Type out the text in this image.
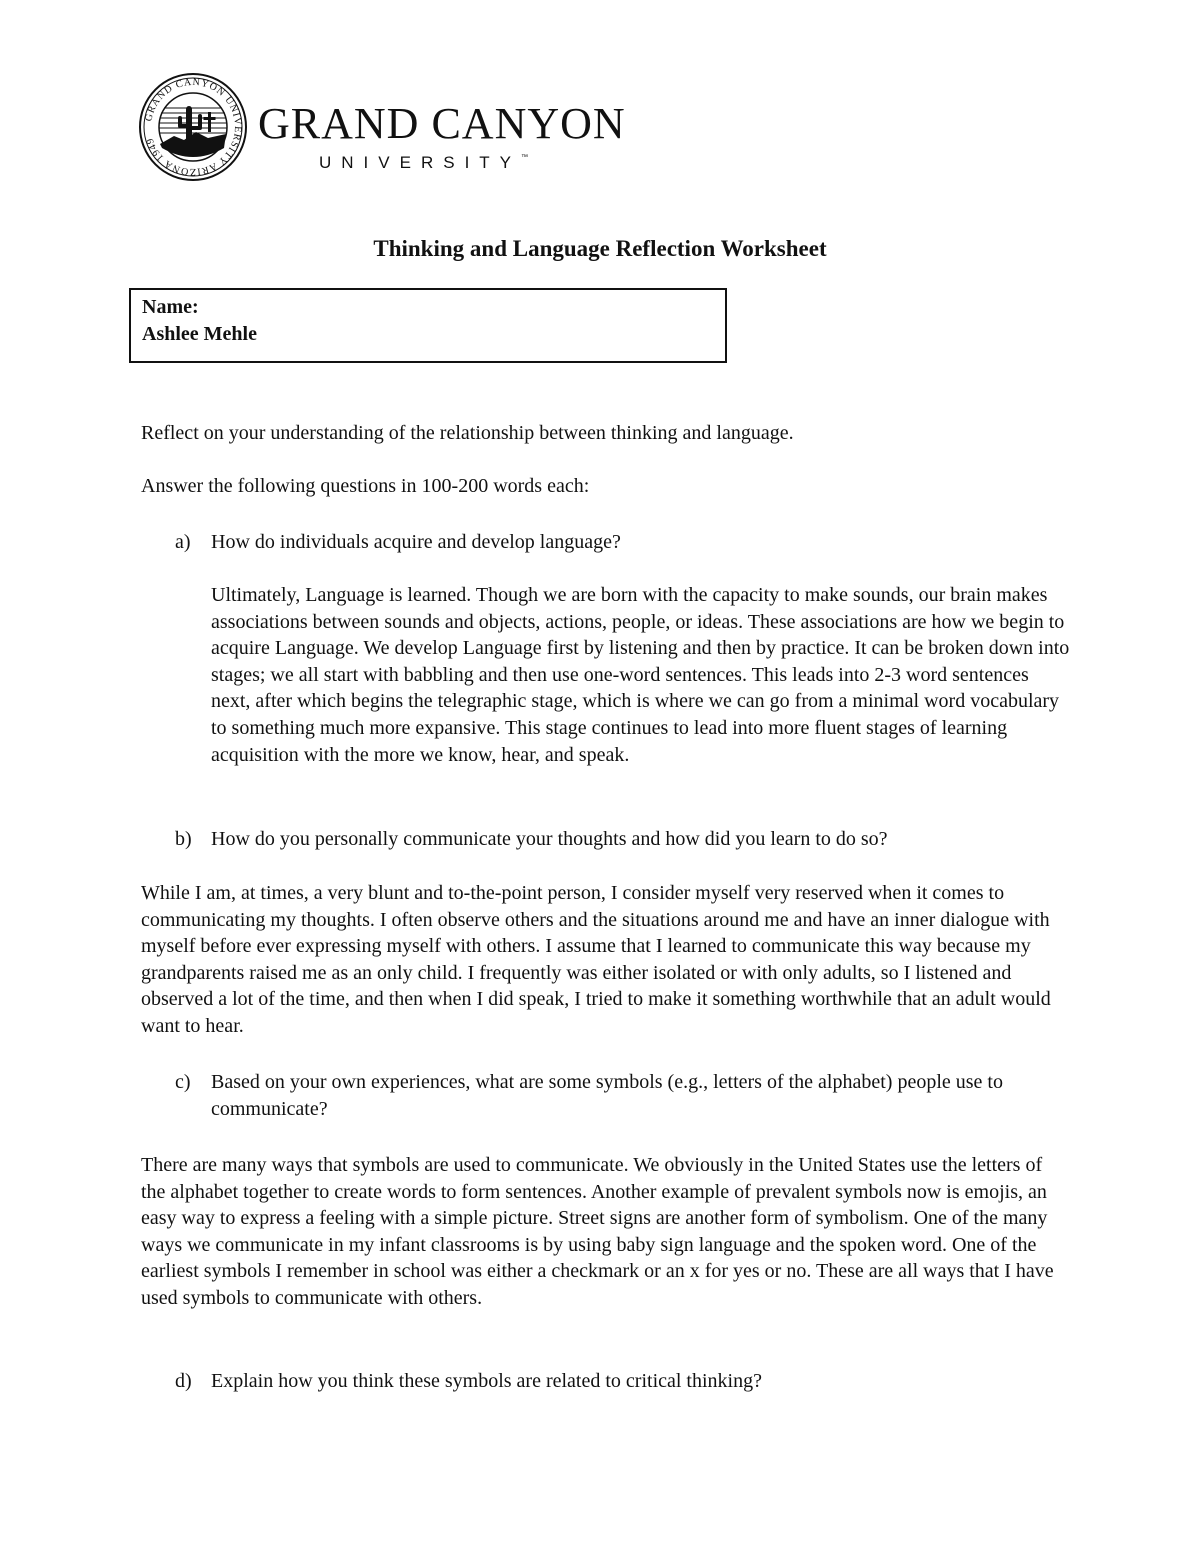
GRAND CANYON UNIVERSITY ARIZONA 1949	GRAND CANYON
UNIVERSITY™
Thinking and Language Reflection Worksheet
Name:
Ashlee Mehle

Reflect on your understanding of the relationship between thinking and language.

Answer the following questions in 100-200 words each:

a) How do individuals acquire and develop language?

Ultimately, Language is learned. Though we are born with the capacity to make sounds, our brain makes associations between sounds and objects, actions, people, or ideas. These associations are how we begin to acquire Language. We develop Language first by listening and then by practice. It can be broken down into stages; we all start with babbling and then use one-word sentences. This leads into 2-3 word sentences next, after which begins the telegraphic stage, which is where we can go from a minimal word vocabulary to something much more expansive. This stage continues to lead into more fluent stages of learning acquisition with the more we know, hear, and speak.

b) How do you personally communicate your thoughts and how did you learn to do so?

While I am, at times, a very blunt and to-the-point person, I consider myself very reserved when it comes to communicating my thoughts. I often observe others and the situations around me and have an inner dialogue with myself before ever expressing myself with others. I assume that I learned to communicate this way because my grandparents raised me as an only child. I frequently was either isolated or with only adults, so I listened and observed a lot of the time, and then when I did speak, I tried to make it something worthwhile that an adult would want to hear.

c) Based on your own experiences, what are some symbols (e.g., letters of the alphabet) people use to communicate?

There are many ways that symbols are used to communicate. We obviously in the United States use the letters of the alphabet together to create words to form sentences. Another example of prevalent symbols now is emojis, an easy way to express a feeling with a simple picture. Street signs are another form of symbolism. One of the many ways we communicate in my infant classrooms is by using baby sign language and the spoken word. One of the earliest symbols I remember in school was either a checkmark or an x for yes or no. These are all ways that I have used symbols to communicate with others.

d) Explain how you think these symbols are related to critical thinking?
